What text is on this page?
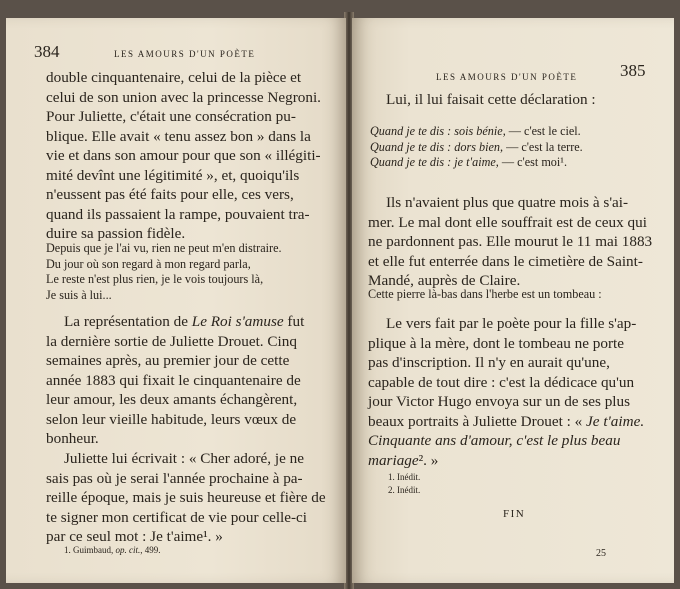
384	LES AMOURS D'UN POÈTE
double cinquantenaire, celui de la pièce et
celui de son union avec la princesse Negroni.
Pour Juliette, c'était une consécration pu-
blique. Elle avait « tenu assez bon » dans la
vie et dans son amour pour que son « illégiti-
mité devînt une légitimité », et, quoiqu'ils
n'eussent pas été faits pour elle, ces vers,
quand ils passaient la rampe, pouvaient tra-
duire sa passion fidèle.
Depuis que je l'ai vu, rien ne peut m'en distraire.
Du jour où son regard à mon regard parla,
Le reste n'est plus rien, je le vois toujours là,
Je suis à lui...
La représentation de Le Roi s'amuse fut
la dernière sortie de Juliette Drouet. Cinq
semaines après, au premier jour de cette
année 1883 qui fixait le cinquantenaire de
leur amour, les deux amants échangèrent,
selon leur vieille habitude, leurs vœux de
bonheur.
Juliette lui écrivait : « Cher adoré, je ne
sais pas où je serai l'année prochaine à pa-
reille époque, mais je suis heureuse et fière de
te signer mon certificat de vie pour celle-ci
par ce seul mot : Je t'aime¹. »
1. Guimbaud, op. cit., 499.
LES AMOURS D'UN POÈTE	385
Lui, il lui faisait cette déclaration :
Quand je te dis : sois bénie, — c'est le ciel.
Quand je te dis : dors bien, — c'est la terre.
Quand je te dis : je t'aime, — c'est moi¹.
Ils n'avaient plus que quatre mois à s'ai-
mer. Le mal dont elle souffrait est de ceux qui
ne pardonnent pas. Elle mourut le 11 mai 1883
et elle fut enterrée dans le cimetière de Saint-
Mandé, auprès de Claire.
Cette pierre là-bas dans l'herbe est un tombeau :
Le vers fait par le poète pour la fille s'ap-
plique à la mère, dont le tombeau ne porte
pas d'inscription. Il n'y en aurait qu'une,
capable de tout dire : c'est la dédicace qu'un
jour Victor Hugo envoya sur un de ses plus
beaux portraits à Juliette Drouet : « Je t'aime.
Cinquante ans d'amour, c'est le plus beau
mariage². »
1. Inédit.
2. Inédit.
FIN
25
